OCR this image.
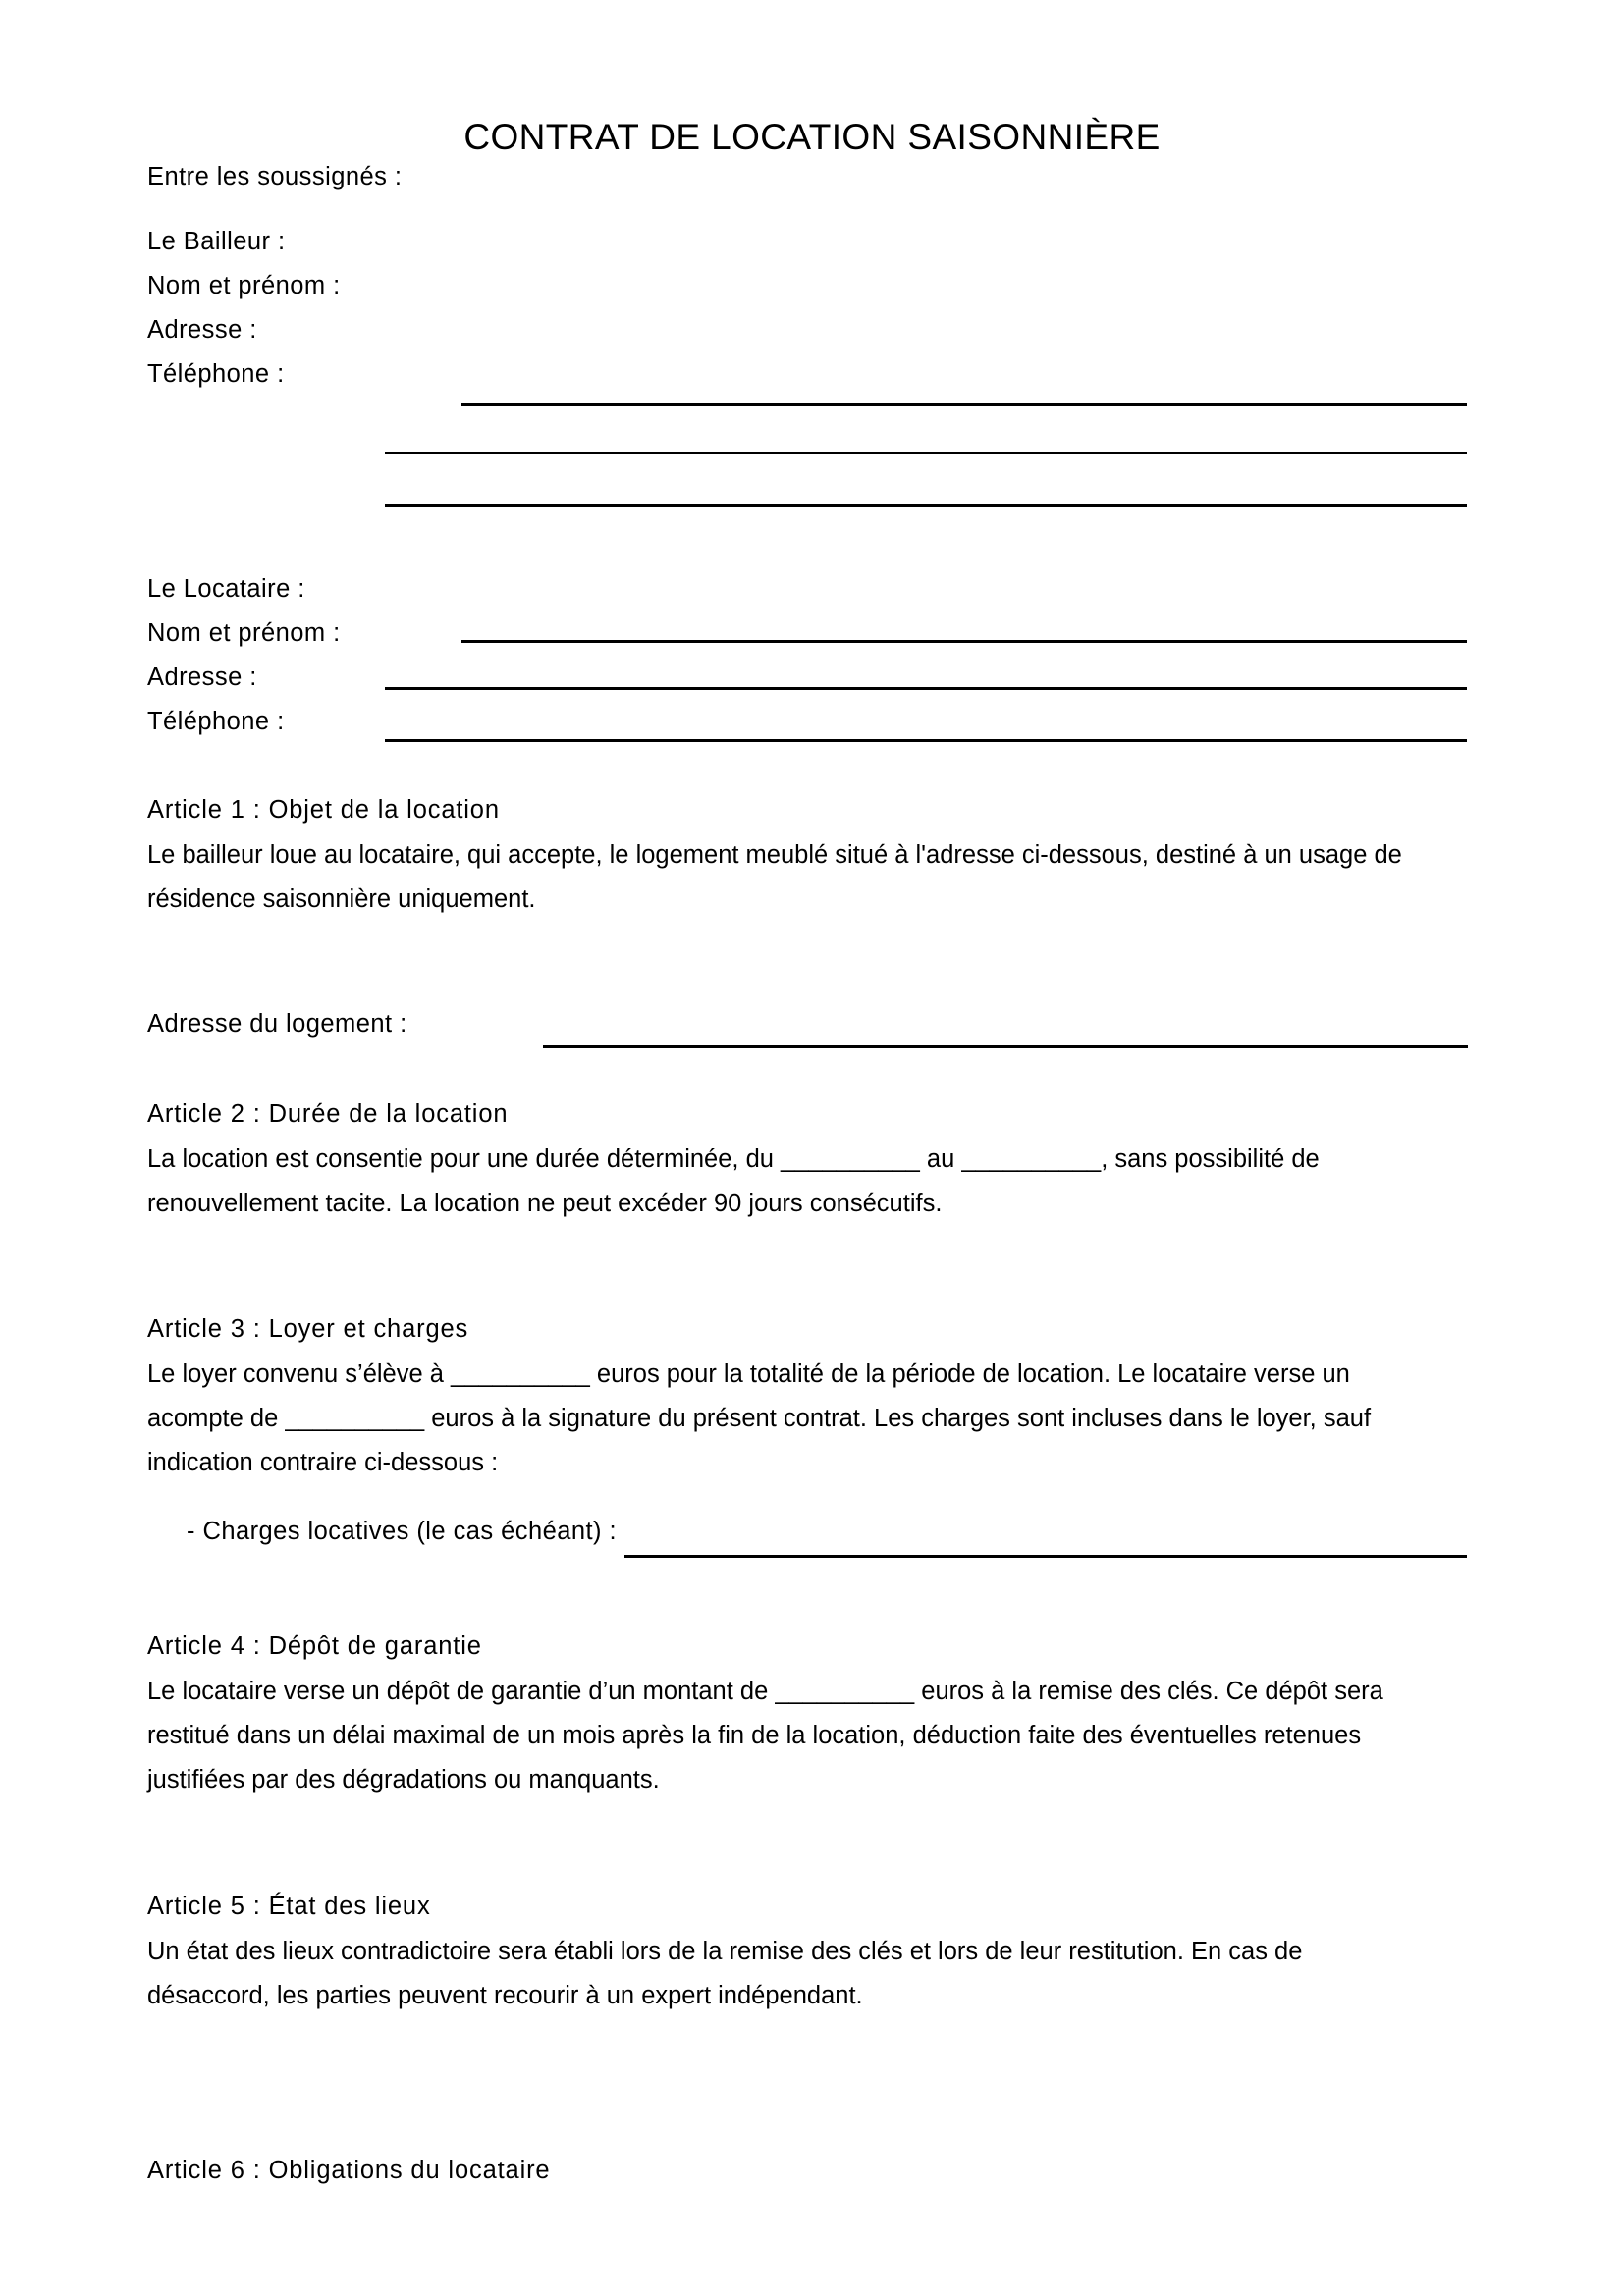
CONTRAT DE LOCATION SAISONNIÈRE
Entre les soussignés :
Le Bailleur :
Nom et prénom :
Adresse :
Téléphone :
Le Locataire :
Nom et prénom :
Adresse :
Téléphone :
Article 1 : Objet de la location
Le bailleur loue au locataire, qui accepte, le logement meublé situé à l'adresse ci-dessous, destiné à un usage de résidence saisonnière uniquement.
Adresse du logement :
Article 2 : Durée de la location
La location est consentie pour une durée déterminée, du __________ au __________, sans possibilité de renouvellement tacite. La location ne peut excéder 90 jours consécutifs.
Article 3 : Loyer et charges
Le loyer convenu s’élève à __________ euros pour la totalité de la période de location. Le locataire verse un acompte de __________ euros à la signature du présent contrat. Les charges sont incluses dans le loyer, sauf indication contraire ci-dessous :
- Charges locatives (le cas échéant) :
Article 4 : Dépôt de garantie
Le locataire verse un dépôt de garantie d’un montant de __________ euros à la remise des clés. Ce dépôt sera restitué dans un délai maximal de un mois après la fin de la location, déduction faite des éventuelles retenues justifiées par des dégradations ou manquants.
Article 5 : État des lieux
Un état des lieux contradictoire sera établi lors de la remise des clés et lors de leur restitution. En cas de désaccord, les parties peuvent recourir à un expert indépendant.
Article 6 : Obligations du locataire
